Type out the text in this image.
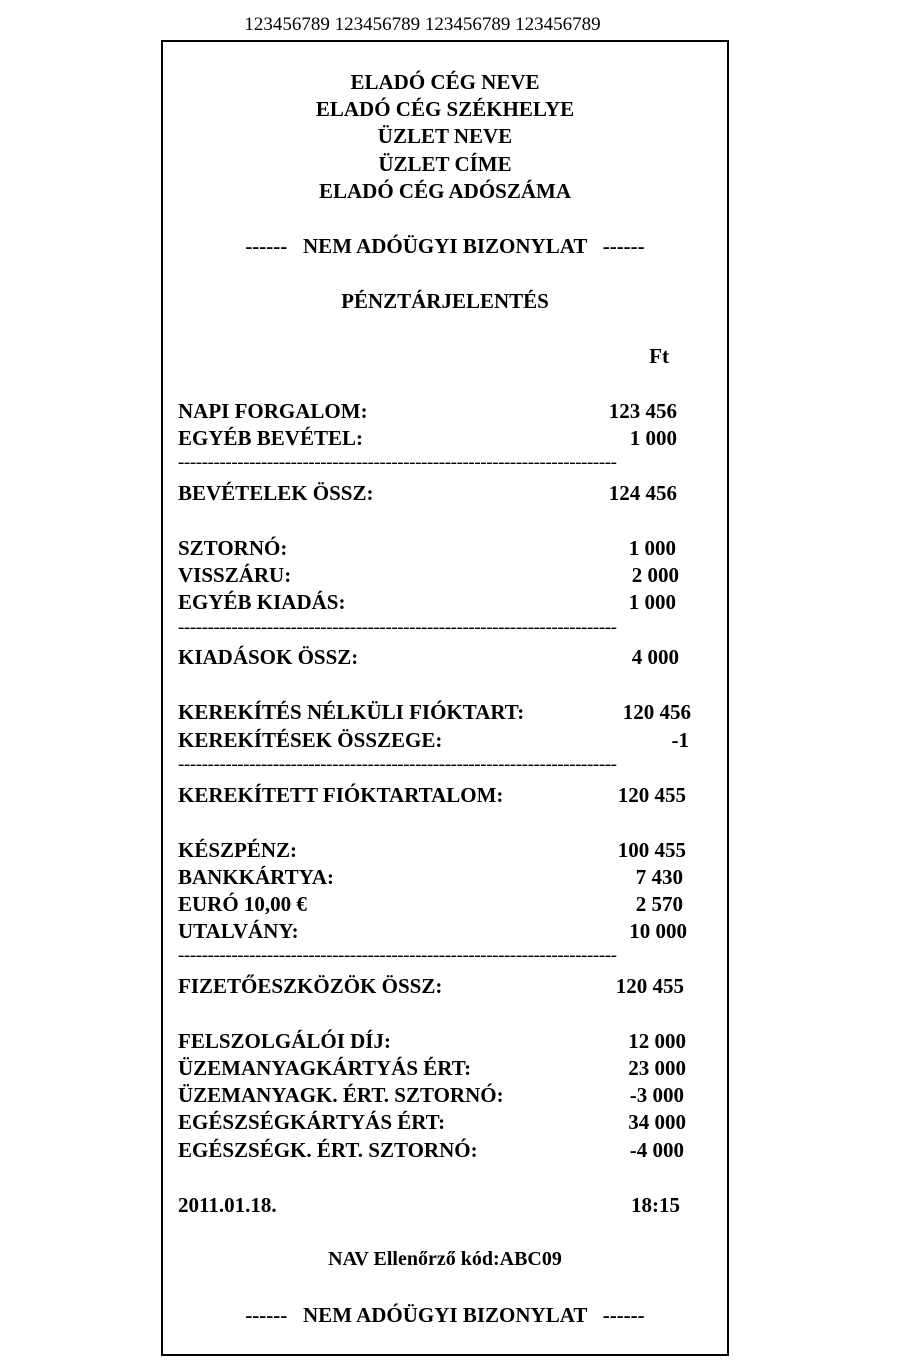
123456789 123456789 123456789 123456789
ELADÓ CÉG NEVE
ELADÓ CÉG SZÉKHELYE
ÜZLET NEVE
ÜZLET CÍME
ELADÓ CÉG ADÓSZÁMA
------   NEM ADÓÜGYI BIZONYLAT   ------
PÉNZTÁRJELENTÉS
Ft
NAPI FORGALOM:	123 456
EGYÉB BEVÉTEL:	1 000
--------------------------------------------------------------------------
BEVÉTELEK ÖSSZ:	124 456
SZTORNÓ:	1 000
VISSZÁRU:	2 000
EGYÉB KIADÁS:	1 000
--------------------------------------------------------------------------
KIADÁSOK ÖSSZ:	4 000
KEREKÍTÉS NÉLKÜLI FIÓKTART:	120 456
KEREKÍTÉSEK ÖSSZEGE:	-1
--------------------------------------------------------------------------
KEREKÍTETT FIÓKTARTALOM:	120 455
KÉSZPÉNZ:	100 455
BANKKÁRTYA:	7 430
EURÓ 10,00 €	2 570
UTALVÁNY:	10 000
--------------------------------------------------------------------------
FIZETŐESZKÖZÖK ÖSSZ:	120 455
FELSZOLGÁLÓI DÍJ:	12 000
ÜZEMANYAGKÁRTYÁS ÉRT:	23 000
ÜZEMANYAGK. ÉRT. SZTORNÓ:	-3 000
EGÉSZSÉGKÁRTYÁS ÉRT:	34 000
EGÉSZSÉGK. ÉRT. SZTORNÓ:	-4 000
2011.01.18.	18:15
NAV Ellenőrző kód:ABC09
------   NEM ADÓÜGYI BIZONYLAT   ------
